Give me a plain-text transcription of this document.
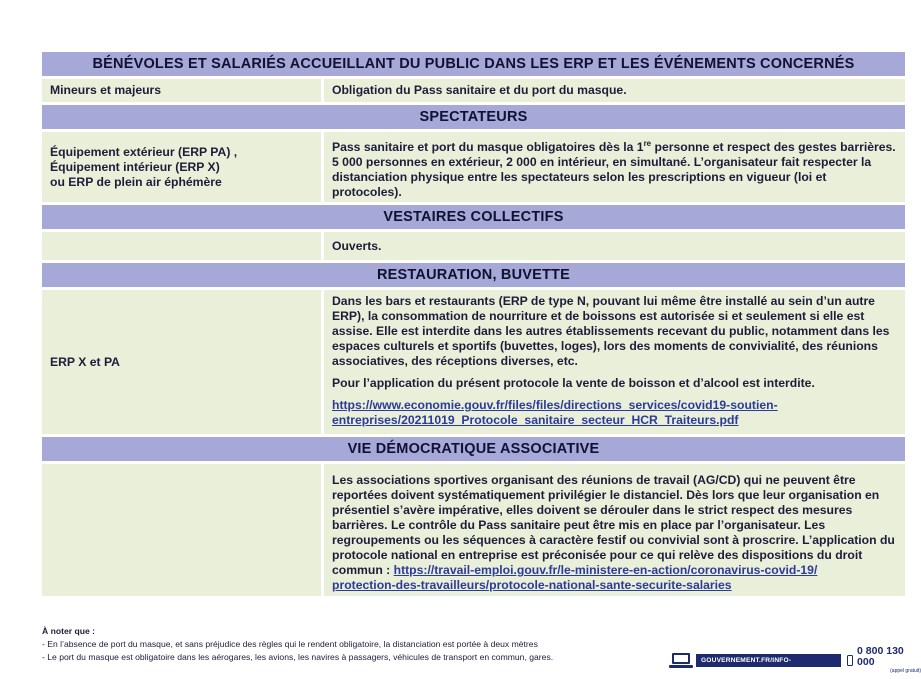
BÉNÉVOLES ET SALARIÉS ACCUEILLANT DU PUBLIC DANS LES ERP ET LES ÉVÉNEMENTS CONCERNÉS
Mineurs et majeurs	Obligation du Pass sanitaire et du port du masque.
SPECTATEURS
Équipement extérieur (ERP PA) ,
Équipement intérieur (ERP X)
ou ERP de plein air éphémère
Pass sanitaire et port du masque obligatoires dès la 1re personne et respect des gestes barrières. 5 000 personnes en extérieur, 2 000 en intérieur, en simultané. L’organisateur fait respecter la distanciation physique entre les spectateurs selon les prescriptions en vigueur (loi et protocoles).
VESTAIRES COLLECTIFS
Ouverts.
RESTAURATION, BUVETTE
ERP X et PA

Dans les bars et restaurants (ERP de type N, pouvant lui même être installé au sein d’un autre ERP), la consommation de nourriture et de boissons est autorisée si et seulement si elle est assise. Elle est interdite dans les autres établissements recevant du public, notamment dans les espaces culturels et sportifs (buvettes, loges), lors des moments de convivialité, des réunions associatives, des réceptions diverses, etc.

Pour l’application du présent protocole la vente de boisson et d’alcool est interdite.

https://www.economie.gouv.fr/files/files/directions_services/covid19-soutien-
entreprises/20211019_Protocole_sanitaire_secteur_HCR_Traiteurs.pdf

VIE DÉMOCRATIQUE ASSOCIATIVE
Les associations sportives organisant des réunions de travail (AG/CD) qui ne peuvent être reportées doivent systématiquement privilégier le distanciel. Dès lors que leur organisation en présentiel s’avère impérative, elles doivent se dérouler dans le strict respect des mesures barrières. Le contrôle du Pass sanitaire peut être mis en place par l’organisateur. Les regroupements ou les séquences à caractère festif ou convivial sont à proscrire. L’application du protocole national en entreprise est préconisée pour ce qui relève des dispositions du droit commun : https://travail-emploi.gouv.fr/le-ministere-en-action/coronavirus-covid-19/
protection-des-travailleurs/protocole-national-sante-securite-salaries
À noter que :
- En l’absence de port du masque, et sans préjudice des règles qui le rendent obligatoire, la distanciation est portée à deux mètres
- Le port du masque est obligatoire dans les aérogares, les avions, les navires à passagers, véhicules de transport en commun, gares.	GOUVERNEMENT.FR/INFO-CORONAVIRUS
0 800 130 000
(appel gratuit)
